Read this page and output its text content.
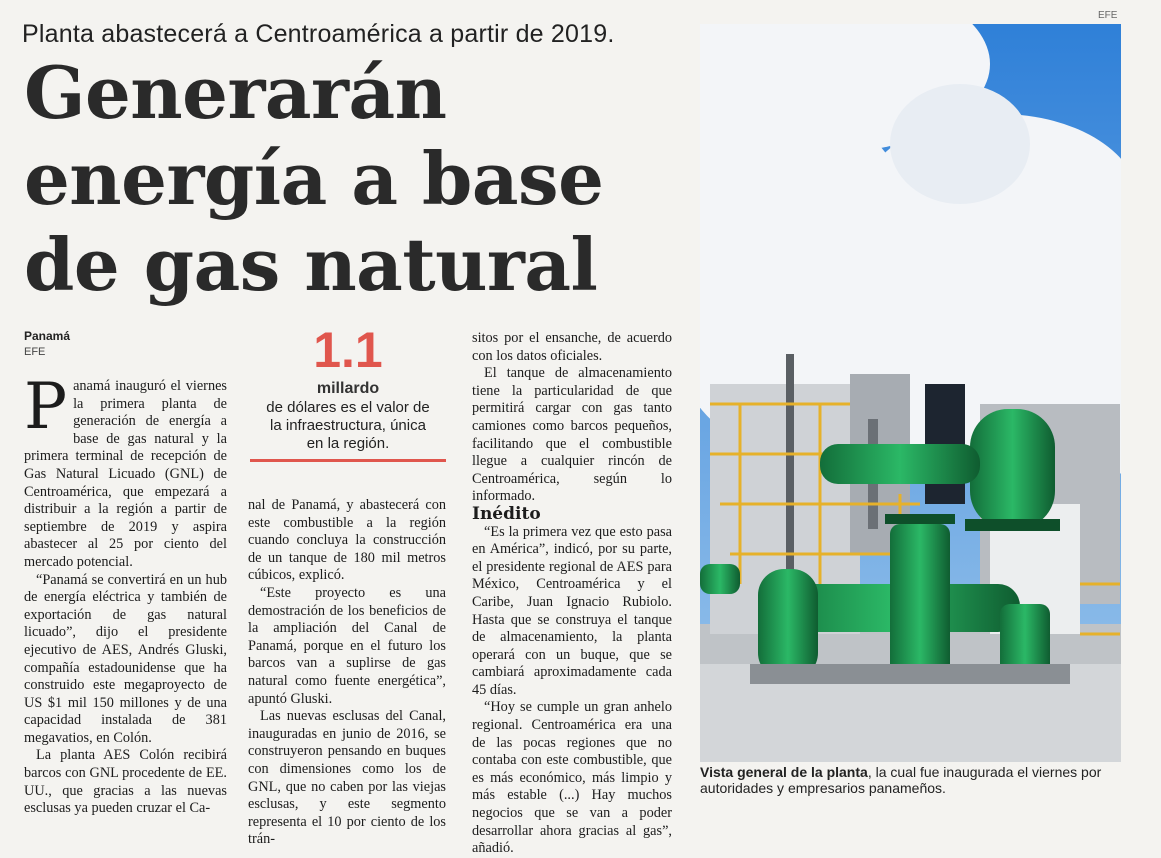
EFE
Planta abastecerá a Centroamérica a partir de 2019.
Generarán
energía a base
de gas natural
Panamá
EFE
P anamá inauguró el viernes la primera planta de generación de energía a base de gas natural y la primera terminal de recepción de Gas Natural Licuado (GNL) de Centroamérica, que empezará a distribuir a la región a partir de septiembre de 2019 y aspira abastecer al 25 por ciento del mercado potencial.

“Panamá se convertirá en un hub de energía eléctrica y también de exportación de gas natural licuado”, dijo el presidente ejecutivo de AES, Andrés Gluski, compañía estadounidense que ha construido este megaproyecto de US $1 mil 150 millones y de una capacidad instalada de 381 megavatios, en Colón.

La planta AES Colón recibirá barcos con GNL procedente de EE. UU., que gracias a las nuevas esclusas ya pueden cruzar el Ca-

1.1
millardo
de dólares es el valor de
la infraestructura, única
en la región.

nal de Panamá, y abastecerá con este combustible a la región cuando concluya la construcción de un tanque de 180 mil metros cúbicos, explicó.

“Este proyecto es una demostración de los beneficios de la ampliación del Canal de Panamá, porque en el futuro los barcos van a suplirse de gas natural como fuente energética”, apuntó Gluski.

Las nuevas esclusas del Canal, inauguradas en junio de 2016, se construyeron pensando en buques con dimensiones como los de GNL, que no caben por las viejas esclusas, y este segmento representa el 10 por ciento de los trán-

sitos por el ensanche, de acuerdo con los datos oficiales.

El tanque de almacenamiento tiene la particularidad de que permitirá cargar con gas tanto camiones como barcos pequeños, facilitando que el combustible llegue a cualquier rincón de Centroamérica, según lo informado.

Inédito

“Es la primera vez que esto pasa en América”, indicó, por su parte, el presidente regional de AES para México, Centroamérica y el Caribe, Juan Ignacio Rubiolo. Hasta que se construya el tanque de almacenamiento, la planta operará con un buque, que se cambiará aproximadamente cada 45 días.

“Hoy se cumple un gran anhelo regional. Centroamérica era una de las pocas regiones que no contaba con este combustible, que es más económico, más limpio y más estable (...) Hay muchos negocios que se van a poder desarrollar ahora gracias al gas”, añadió.

Vista general de la planta, la cual fue inaugurada el viernes por autoridades y empresarios panameños.
